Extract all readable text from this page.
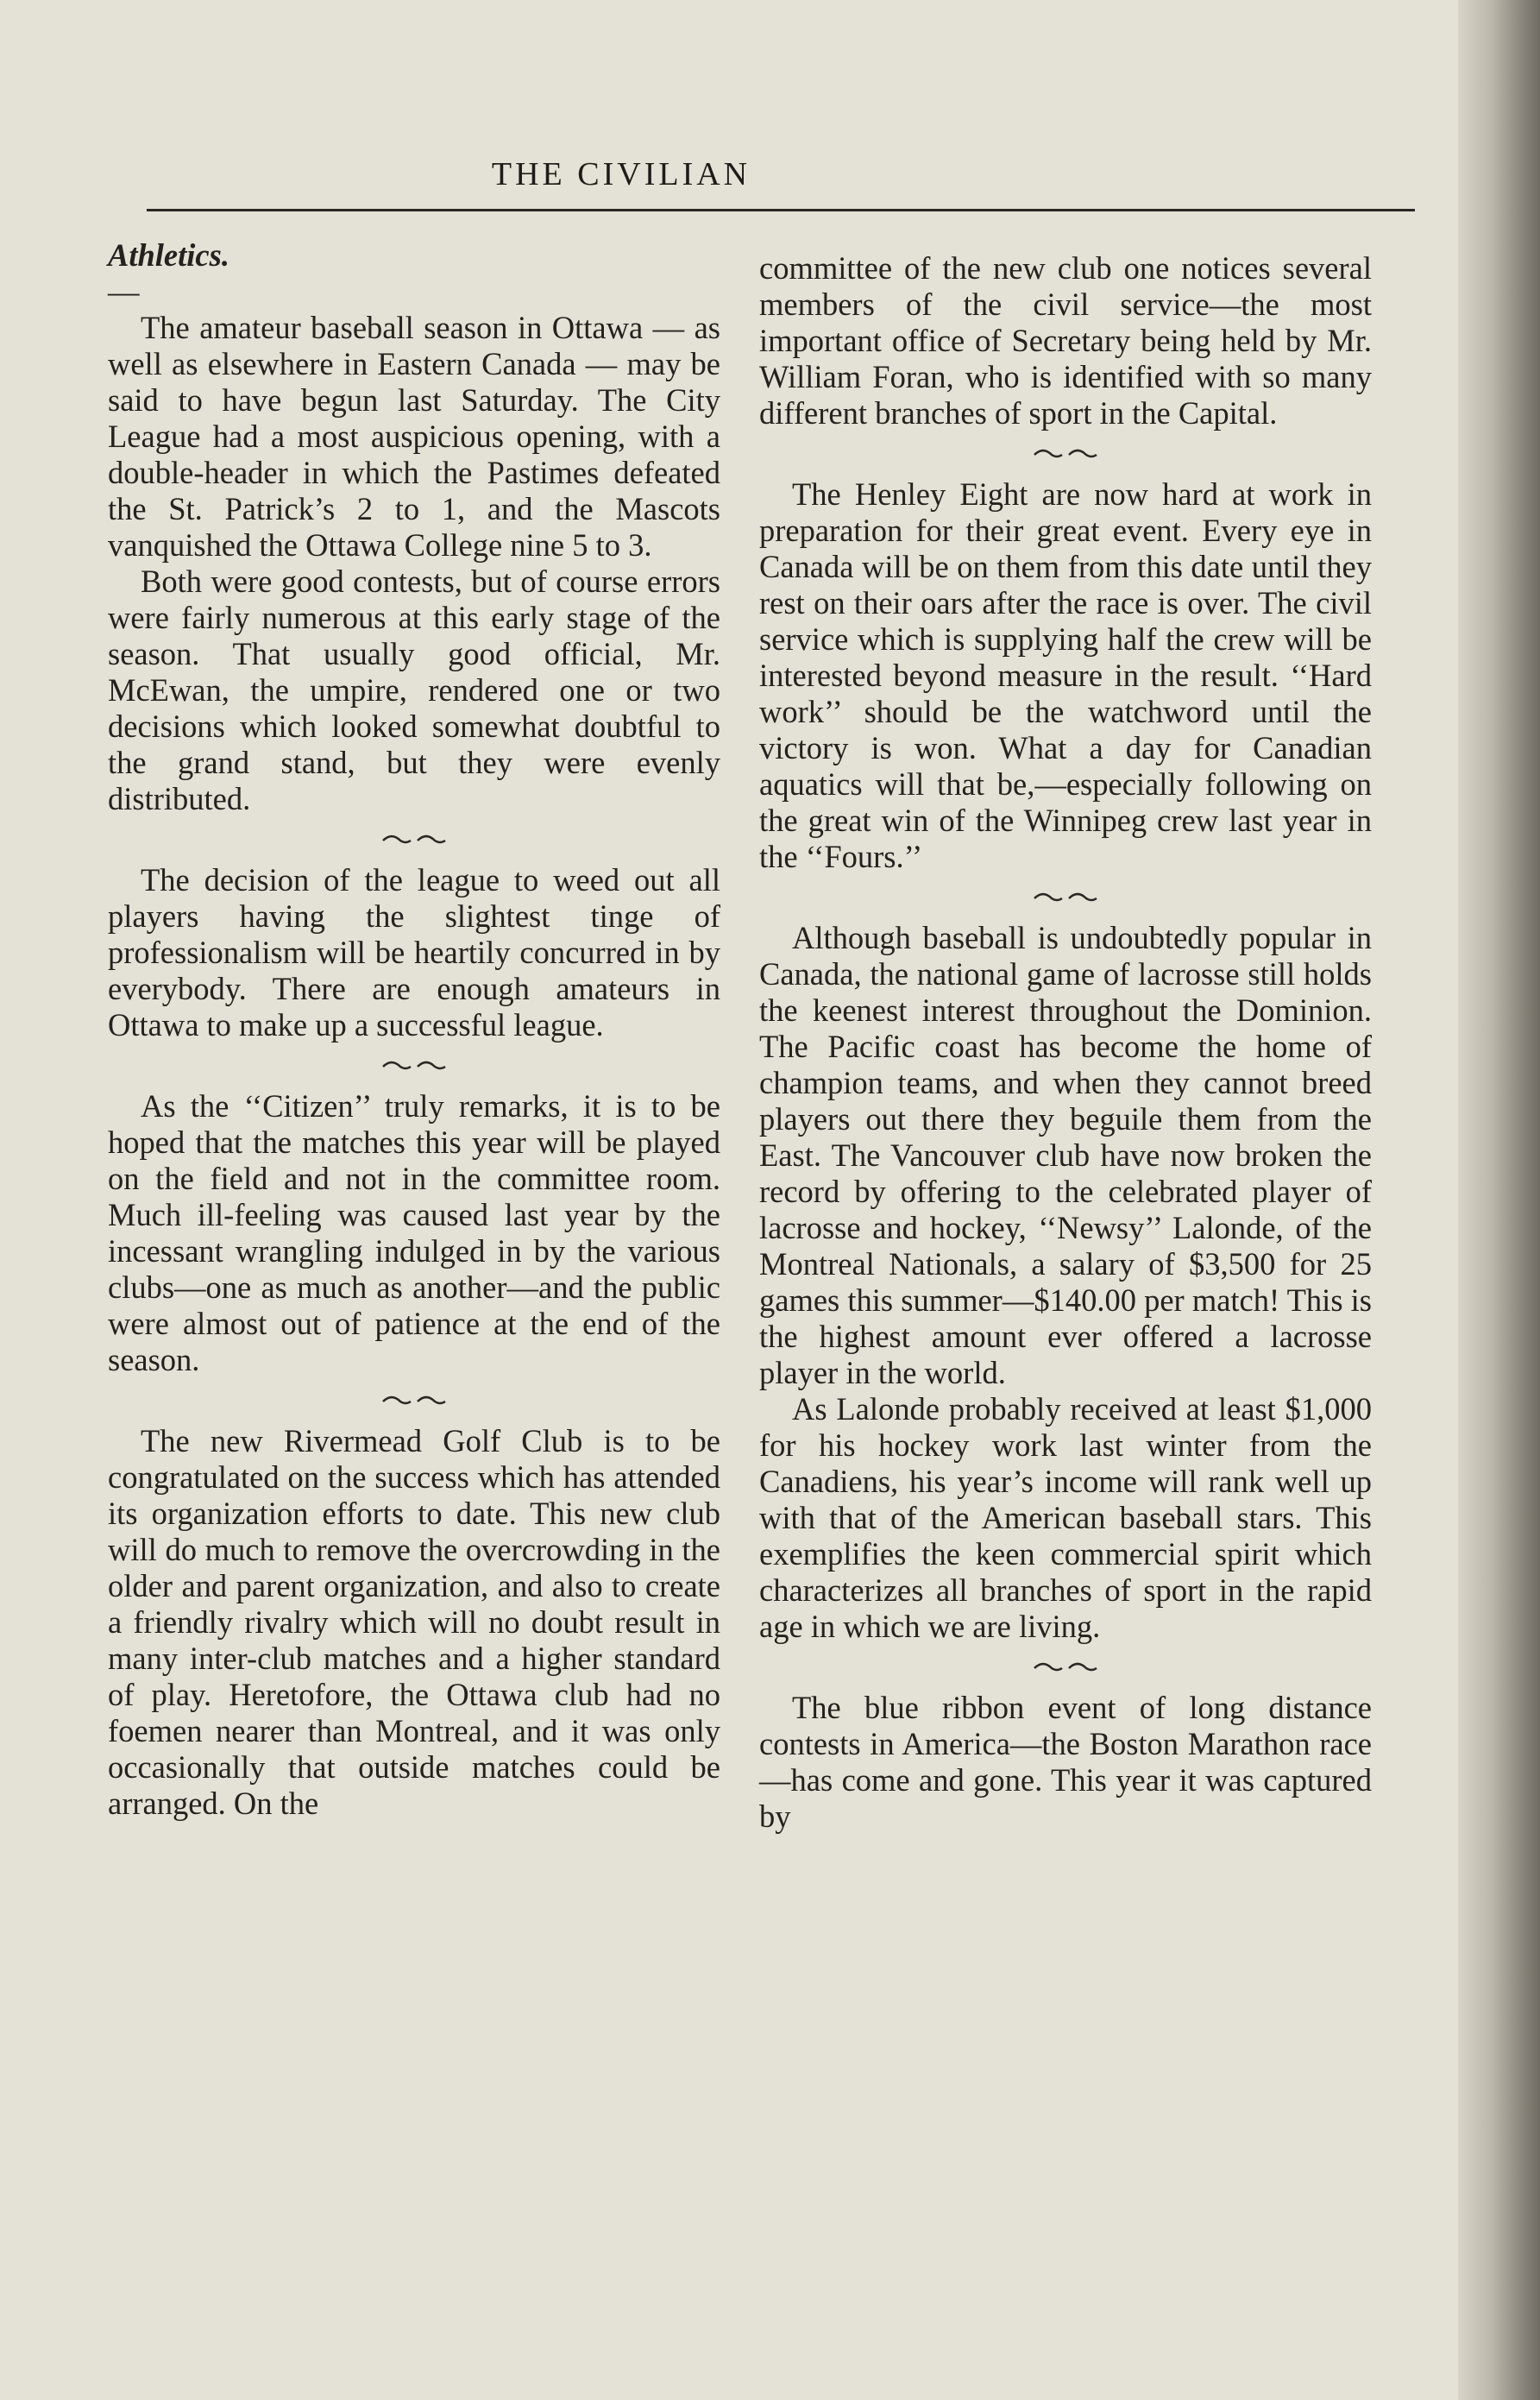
THE CIVILIAN

Athletics.

—

The amateur baseball season in Ottawa — as well as elsewhere in Eastern Canada — may be said to have begun last Saturday. The City League had a most auspicious opening, with a double-header in which the Pastimes defeated the St. Patrick’s 2 to 1, and the Mascots vanquished the Ottawa College nine 5 to 3.

Both were good contests, but of course errors were fairly numerous at this early stage of the season. That usually good official, Mr. McEwan, the umpire, rendered one or two decisions which looked somewhat doubtful to the grand stand, but they were evenly distributed.

The decision of the league to weed out all players having the slightest tinge of professionalism will be heartily concurred in by everybody. There are enough amateurs in Ottawa to make up a successful league.

As the ‘‘Citizen’’ truly remarks, it is to be hoped that the matches this year will be played on the field and not in the committee room. Much ill-feeling was caused last year by the incessant wrangling indulged in by the various clubs—one as much as another—and the public were almost out of patience at the end of the season.

The new Rivermead Golf Club is to be congratulated on the success which has attended its organization efforts to date. This new club will do much to remove the overcrowding in the older and parent organization, and also to create a friendly rivalry which will no doubt result in many inter-club matches and a higher standard of play. Heretofore, the Ottawa club had no foemen nearer than Montreal, and it was only occasionally that outside matches could be arranged. On the

committee of the new club one notices several members of the civil service—the most important office of Secretary being held by Mr. William Foran, who is identified with so many different branches of sport in the Capital.

The Henley Eight are now hard at work in preparation for their great event. Every eye in Canada will be on them from this date until they rest on their oars after the race is over. The civil service which is supplying half the crew will be interested beyond measure in the result. ‘‘Hard work’’ should be the watchword until the victory is won. What a day for Canadian aquatics will that be,—especially following on the great win of the Winnipeg crew last year in the ‘‘Fours.’’

Although baseball is undoubtedly popular in Canada, the national game of lacrosse still holds the keenest interest throughout the Dominion. The Pacific coast has become the home of champion teams, and when they cannot breed players out there they beguile them from the East. The Vancouver club have now broken the record by offering to the celebrated player of lacrosse and hockey, ‘‘Newsy’’ Lalonde, of the Montreal Nationals, a salary of $3,500 for 25 games this summer—$140.00 per match! This is the highest amount ever offered a lacrosse player in the world.

As Lalonde probably received at least $1,000 for his hockey work last winter from the Canadiens, his year’s income will rank well up with that of the American baseball stars. This exemplifies the keen commercial spirit which characterizes all branches of sport in the rapid age in which we are living.

The blue ribbon event of long distance contests in America—the Boston Marathon race—has come and gone. This year it was captured by
